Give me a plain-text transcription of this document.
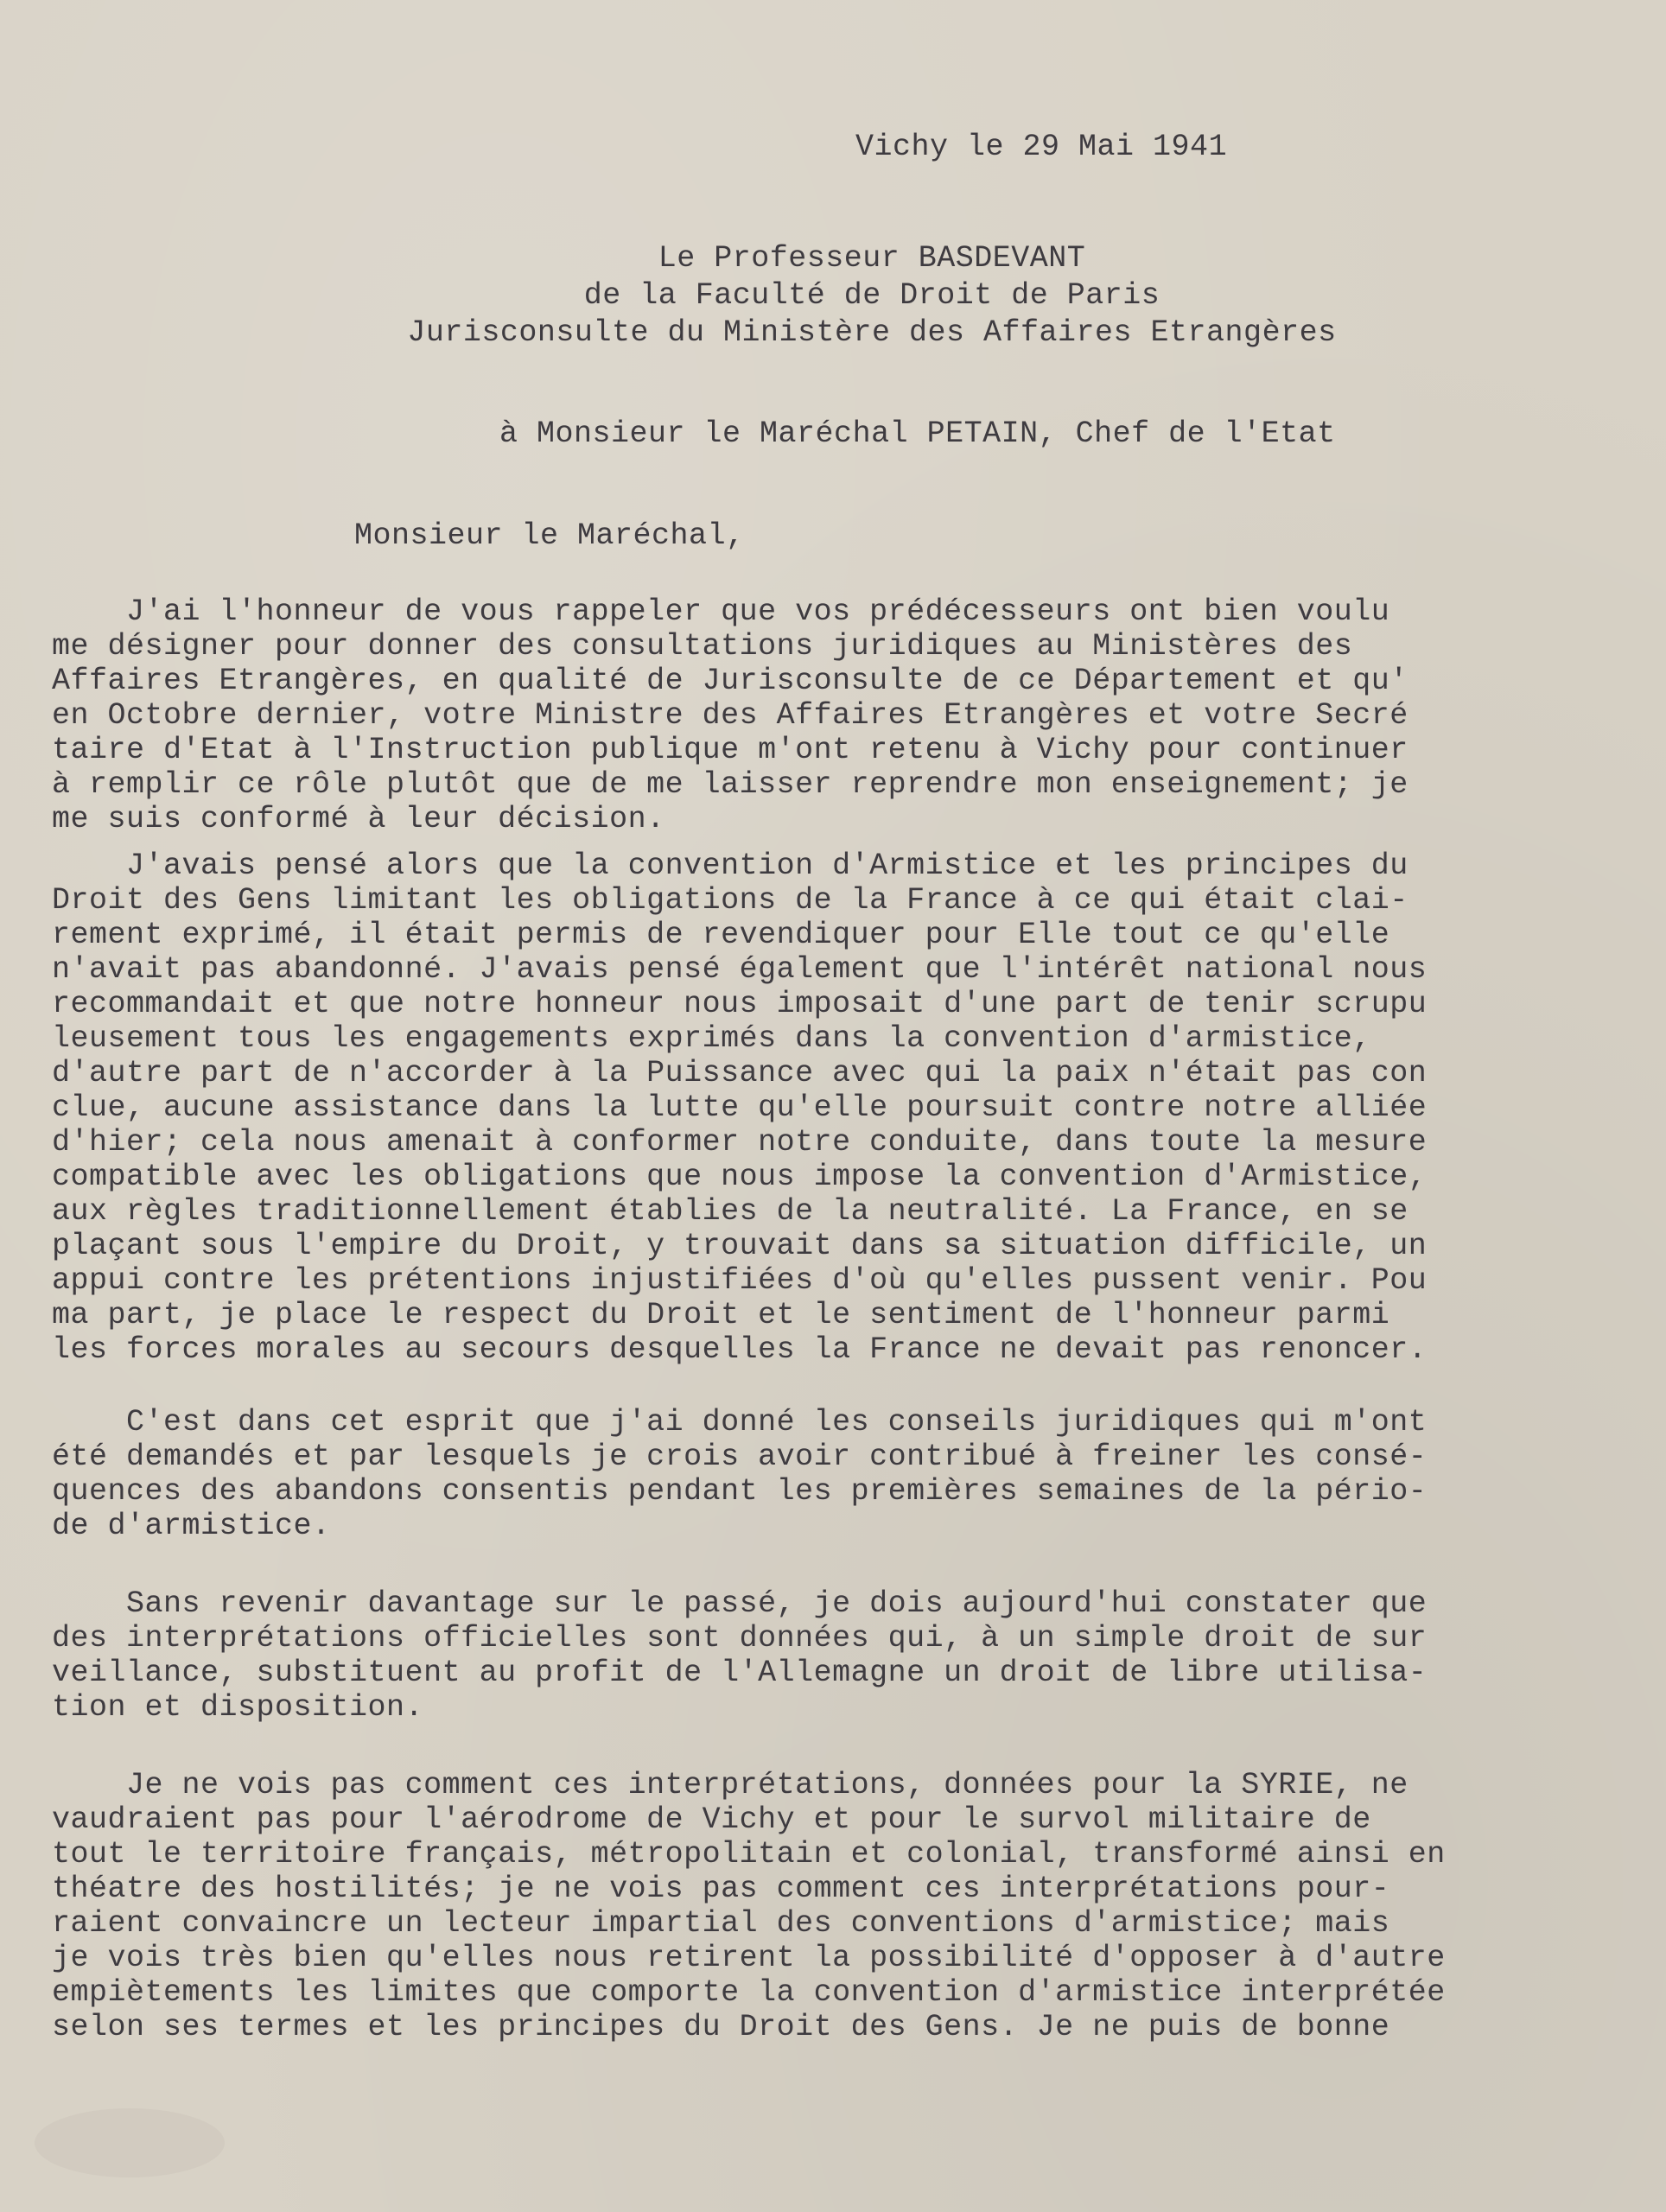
Vichy le 29 Mai 1941
Le Professeur BASDEVANT
de la Faculté de Droit de Paris
Jurisconsulte du Ministère des Affaires Etrangères
à Monsieur le Maréchal PETAIN, Chef de l'Etat
Monsieur le Maréchal,
J'ai l'honneur de vous rappeler que vos prédécesseurs ont bien voulu
me désigner pour donner des consultations juridiques au Ministères des
Affaires Etrangères, en qualité de Jurisconsulte de ce Département et qu'
en Octobre dernier, votre Ministre des Affaires Etrangères et votre Secré
taire d'Etat à l'Instruction publique m'ont retenu à Vichy pour continuer
à remplir ce rôle plutôt que de me laisser reprendre mon enseignement; je
me suis conformé à leur décision.
J'avais pensé alors que la convention d'Armistice et les principes du
Droit des Gens limitant les obligations de la France à ce qui était clai-
rement exprimé, il était permis de revendiquer pour Elle tout ce qu'elle
n'avait pas abandonné. J'avais pensé également que l'intérêt national nous
recommandait et que notre honneur nous imposait d'une part de tenir scrupu
leusement tous les engagements exprimés dans la convention d'armistice,
d'autre part de n'accorder à la Puissance avec qui la paix n'était pas con
clue, aucune assistance dans la lutte qu'elle poursuit contre notre alliée
d'hier; cela nous amenait à conformer notre conduite, dans toute la mesure
compatible avec les obligations que nous impose la convention d'Armistice,
aux règles traditionnellement établies de la neutralité. La France, en se
plaçant sous l'empire du Droit, y trouvait dans sa situation difficile, un
appui contre les prétentions injustifiées d'où qu'elles pussent venir. Pou
ma part, je place le respect du Droit et le sentiment de l'honneur parmi
les forces morales au secours desquelles la France ne devait pas renoncer.
C'est dans cet esprit que j'ai donné les conseils juridiques qui m'ont
été demandés et par lesquels je crois avoir contribué à freiner les consé-
quences des abandons consentis pendant les premières semaines de la pério-
de d'armistice.
Sans revenir davantage sur le passé, je dois aujourd'hui constater que
des interprétations officielles sont données qui, à un simple droit de sur
veillance, substituent au profit de l'Allemagne un droit de libre utilisa-
tion et disposition.
Je ne vois pas comment ces interprétations, données pour la SYRIE, ne
vaudraient pas pour l'aérodrome de Vichy et pour le survol militaire de
tout le territoire français, métropolitain et colonial, transformé ainsi en
théatre des hostilités; je ne vois pas comment ces interprétations pour-
raient convaincre un lecteur impartial des conventions d'armistice; mais
je vois très bien qu'elles nous retirent la possibilité d'opposer à d'autre
empiètements les limites que comporte la convention d'armistice interprétée
selon ses termes et les principes du Droit des Gens. Je ne puis de bonne
